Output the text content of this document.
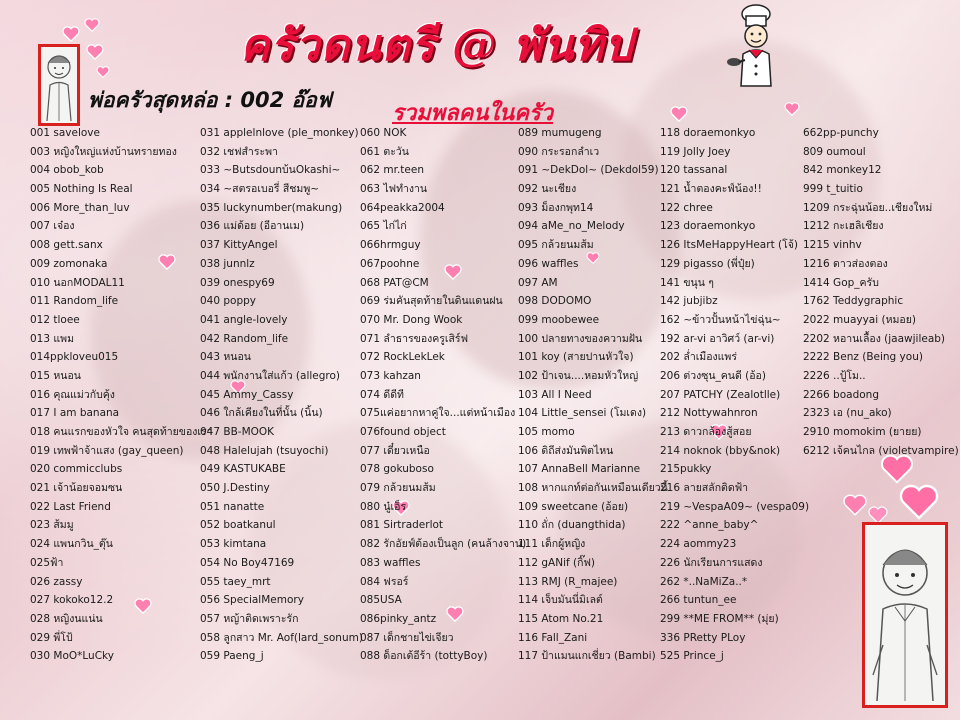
ครัวดนตรี @ พันทิป
พ่อครัวสุดหล่อ : 002 อ๊อฟ
รวมพลคนในครัว
001 savelove
003 หญิงใหญ่แห่งบ้านทรายทอง
004 obob_kob
005 Nothing Is Real
006 More_than_luv
007 เจ๋อง
008 gett.sanx
009 zomonaka
010 นอกMODAL11
011 Random_life
012 tloee
013 แพม
014ppkloveu015
015 หนอน
016 คุณแม่วกับคุ้ง
017 I am banana
018 คนแรกของหัวใจ คนสุดท้ายของเรา
019 เทพฟ้าจ้าแสง (gay_queen)
020 commicclubs
021 เจ้าน้อยจอมซน
022 Last Friend
023 ส้มมู
024 แพนกวิน_ตุ๊น
025ฟ้า
026 zassy
027 kokoko12.2
028 หญิงนแน่น
029 พี่โป้
030 MoO*LuCky
031 applelnlove (ple_monkey)
032 เชฟสำระพา
033 ~Butsdounบ้นOkashi~
034 ~สตรอเบอรี่ สีชมพู~
035 luckynumber(makung)
036 แม่ด้อย (อีอานเม)
037 KittyAngel
038 junnlz
039 onespy69
040 poppy
041 angle-lovely
042 Random_life
043 หนอน
044 พนักงานใส่แก้ว (allegro)
045 Ammy_Cassy
046 ใกล้เคียงในที่นั้น (นิ้น)
047 BB-MOOK
048 Halelujah (tsuyochi)
049 KASTUKABE
050 J.Destiny
051 nanatte
052 boatkanul
053 kimtana
054 No Boy47169
055 taey_mrt
056 SpecialMemory
057 หญ้าติดเพราะรัก
058 ลูกสาว Mr. Aof(lard_sonum)
059 Paeng_j
060 NOK
061 ตะวัน
062 mr.teen
063 ไฟทำงาน
064peakka2004
065 ไก่ไก่
066hrmguy
067poohne
068 PAT@CM
069 ร่มคันสุดท้ายในดินแดนฝน
070 Mr. Dong Wook
071 ลำธารของครูเสิร์ฟ
072 RockLekLek
073 kahzan
074 ดีดีที
075แค่อยากหาคู่ใจ...แต่หน้าเมือง
076found object
077 เดี๋ยวเหนือ
078 gokuboso
079 กล้วยนมส้ม
080 นู๋เอ็ร
081 Sirtraderlot
082 รักอัยฟ์ต้องเป็นลูก (คนล้างจาน)
083 waffles
084 ฟรอร์
085USA
086pinky_antz
087 เด็กชายไข่เจียว
088 ด็อกเต้อีร้า (tottyBoy)
089 mumugeng
090 กระรอกลำเว
091 ~DekDol~ (Dekdol59)
092 นะเชียง
093 ม็องกพุท14
094 aMe_no_Melody
095 กล้วยนมส้ม
096 waffles
097 AM
098 DODOMO
099 moobewee
100 ปลายทางของความฝัน
101 koy (สายปานหัวใจ)
102 ป้าเจน....หอมหัวใหญ่
103 All I Need
104 Little_sensei (โมเดง)
105 momo
106 ดิถีส่งมันพิตไหน
107 AnnaBell Marianne
108 หากแกท์ต่อกันเหมือนเดียวนี้
109 sweetcane (อ้อย)
110 ถั่ก (duangthida)
111 เด็กผู้หญิง
112 gANif (กิ๊ฟ)
113 RMJ (R_majee)
114 เจ็บมันนี่มิเลต์
115 Atom No.21
116 Fall_Zani
117 ป้าแมนแกเชี่ยว (Bambi)
118 doraemonkyo
119 Jolly Joey
120 tassanal
121 น้ำตองคะฟ์น้อง!!
122 chree
123 doraemonkyo
126 ItsMeHappyHeart (โจ้)
129 pigasso (พี่ปุ๋ย)
141 ขนุน ๆ
142 jubjibz
162 ~ข้าวปั้นหน้าไข่ฉุ่น~
192 ar-vi อาวิศว์ (ar-vi)
202 ล่ำเมืองแพร่
206 ต่วงซุน_คนดี (อ้อ)
207 PATCHY (Zealotlle)
212 Nottywahnron
213 ดาวกล้องสู้สอย
214 noknok (bby&nok)
215pukky
216 ลายสลักติดฟ้า
219 ~VespaA09~ (vespa09)
222 ^anne_baby^
224 aommy23
226 นักเรียนการแสดง
262 *..NaMiZa..*
266 tuntun_ee
299 **ME FROM** (มุ่ย)
336 PRetty PLoy
525 Prince_j
662pp-punchy
809 oumoul
842 monkey12
999 t_tuitio
1209 กระฉุ่นน้อย..เชียงใหม่
1212 กะเฮลิเชียง
1215 vinhv
1216 ดาวส่องตอง
1414 Gop_ครับ
1762 Teddygraphic
2022 muayyai (หมอย)
2202 หอานเลื้อง (jaawjileab)
2222 Benz (Being you)
2226 ..ปู้โม..
2266 boadong
2323 เอ (nu_ako)
2910 momokim (ยายย)
6212 เจ้คนไกล (violetvampire)
